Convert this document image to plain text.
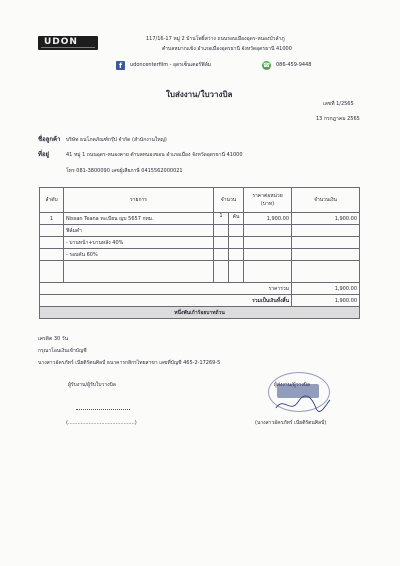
UDON	117/16-17 หมู่ 2 บ้านโพธิ์สว่าง ถนนรอบเมืองอุดร-หนองบัวลำภู
ตำบลหมากแข้ง อำเภอเมืองอุดรธานี จังหวัดอุดรธานี 41000
f	udoncenterfilm - อุดรเซ็นเตอร์ฟิล์ม	☎ 086-459-9448
ใบส่งงาน/ใบวางบิล
เลขที่ 1/2565
13 กรกฎาคม 2565
ชื่อลูกค้า บริษัท ธนโภคภัณฑ์กรุ๊ป จำกัด (สำนักงานใหญ่)
ที่อยู่	41 หมู่ 1 ถนนอุดร-หนองคาย ตำบลหนองขอน อำเภอเมือง จังหวัดอุดรธานี 41000
โทร 081-3800090 เลขผู้เสียภาษี 0415562000021
ลำดับ	รายการ	จำนวน	ราคาต่อหน่วย (บาท)	จำนวนเงิน
1	Nissan Teana ทะเบียน ญบ 5657 กทม.	1 คัน	1,900.00	1,900.00
	ฟิล์มดำ	

	- บานหน้า+บานหลัง 40%	

	- รอบคัน 60%	

ราคารวม				1,900.00
รวมเป็นเงินทั้งสิ้น				1,900.00
หนึ่งพันเก้าร้อยบาทถ้วน				
เครดิต 30 วัน
กรุณาโอนเงินเข้าบัญชี
นางสาวอัครภัทร์ เนียติรัตนศิลป์ ธนาคารกสิกรไทยสาขา เลขที่บัญชี 465-2-17269-5
ผู้รับงาน/ผู้รับใบวางบิล
(..........................................)
ผู้ส่งงาน/ผู้วางบิล
(นางสาวอัครภัทร์ เนียติรัตนศิลป์)
